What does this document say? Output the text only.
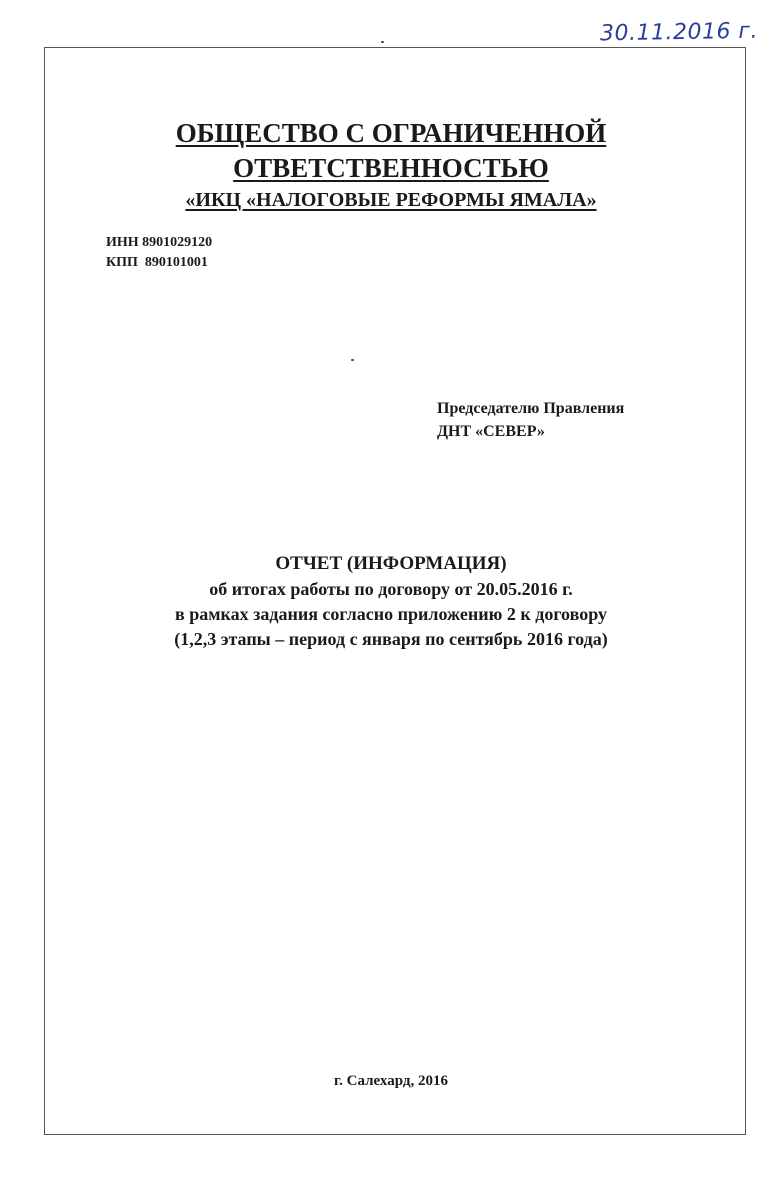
30.11.2016 г.
ОБЩЕСТВО С ОГРАНИЧЕННОЙ
ОТВЕТСТВЕННОСТЬЮ
«ИКЦ «НАЛОГОВЫЕ РЕФОРМЫ ЯМАЛА»
ИНН 8901029120
КПП  890101001
Председателю Правления
ДНТ «СЕВЕР»
ОТЧЕТ (ИНФОРМАЦИЯ)
об итогах работы по договору от 20.05.2016 г.
в рамках задания согласно приложению 2 к договору
(1,2,3 этапы – период с января по сентябрь 2016 года)
г. Салехард, 2016
